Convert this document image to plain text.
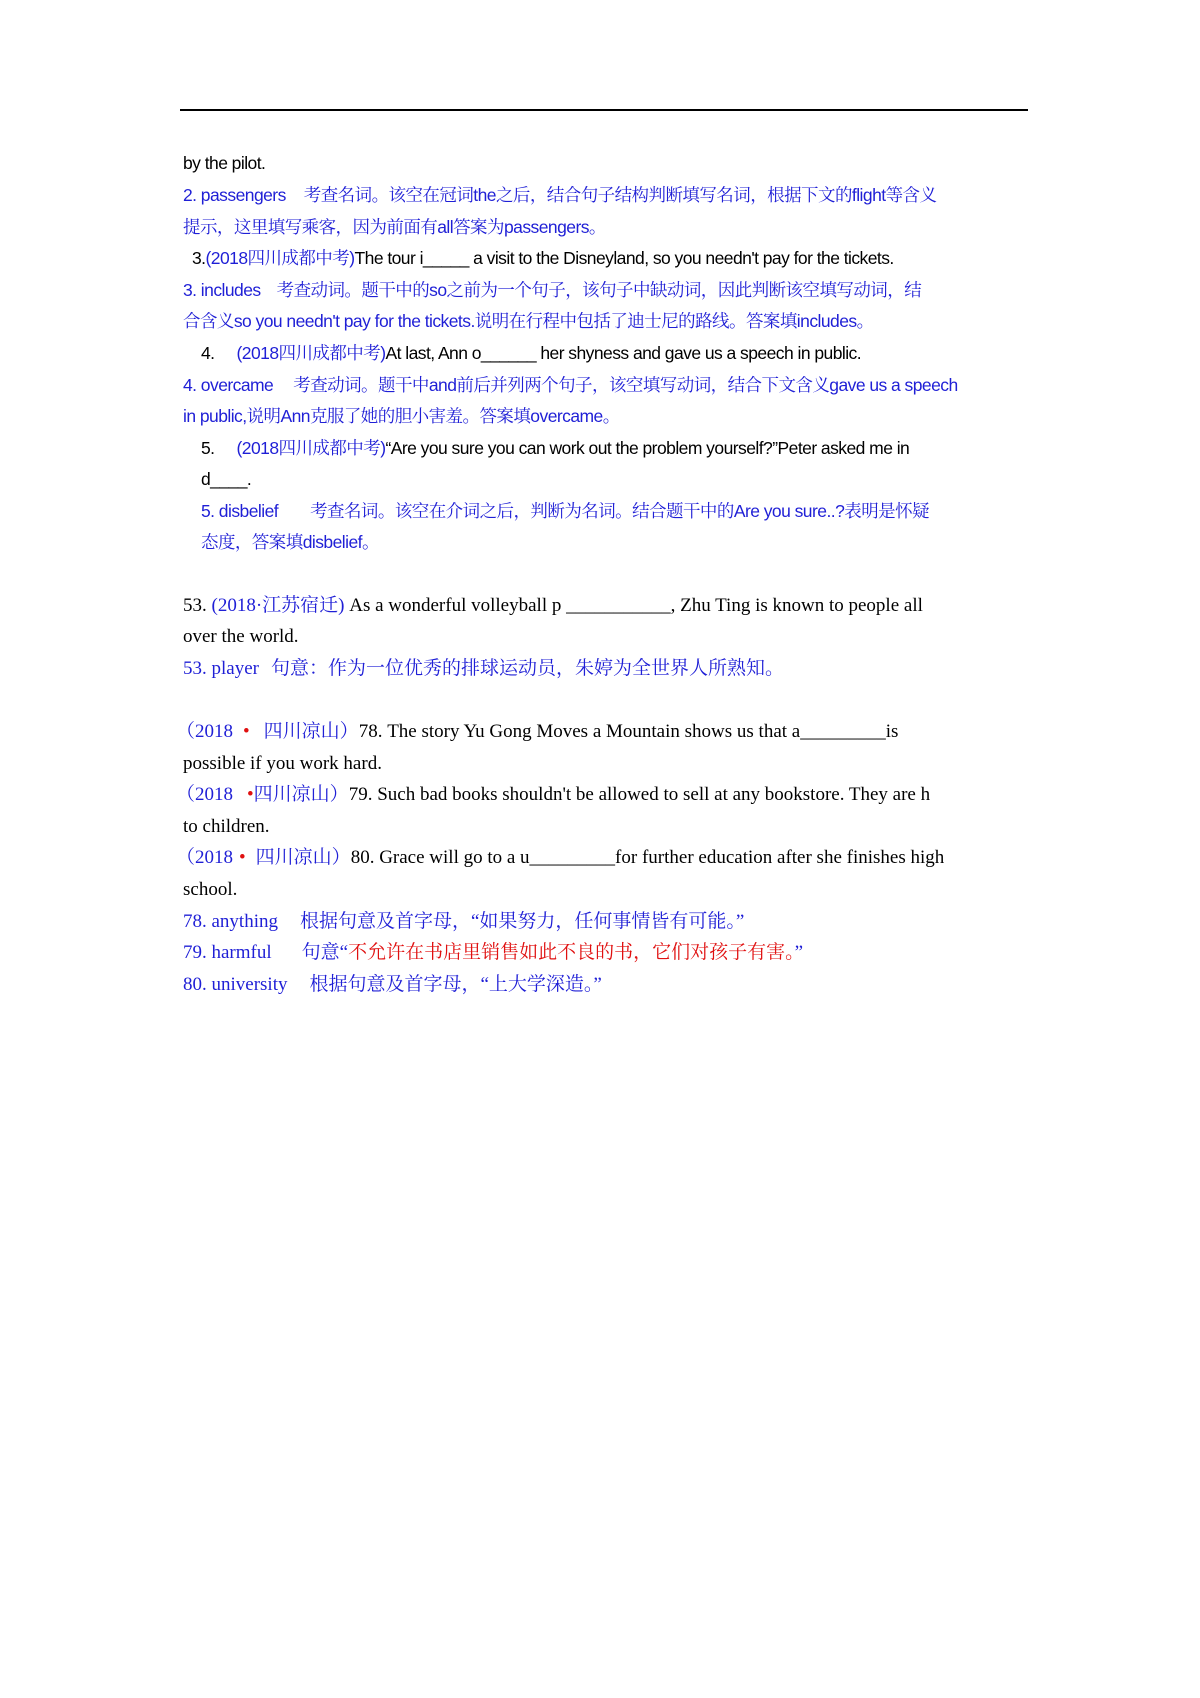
by the pilot.
2. passengers 考查名词。该空在冠词the之后，结合句子结构判断填写名词，根据下文的flight等含义
提示，这里填写乘客，因为前面有all答案为passengers。
3.(2018四川成都中考)The tour i_____ a visit to the Disneyland, so you needn't pay for the tickets.
3. includes 考查动词。题干中的so之前为一个句子，该句子中缺动词，因此判断该空填写动词，结
合含义so you needn't pay for the tickets.说明在行程中包括了迪士尼的路线。答案填includes。
4. (2018四川成都中考)At last, Ann o______ her shyness and gave us a speech in public.
4. overcame 考查动词。题干中and前后并列两个句子，该空填写动词，结合下文含义gave us a speech
in public,说明Ann克服了她的胆小害羞。答案填overcame。
5. (2018四川成都中考)“Are you sure you can work out the problem yourself?”Peter asked me in
d____.
5. disbelief 考查名词。该空在介词之后，判断为名词。结合题干中的Are you sure..?表明是怀疑
态度，答案填disbelief。
53. (2018·江苏宿迁) As a wonderful volleyball p ___________, Zhu Ting is known to people all
over the world.
53. player 句意：作为一位优秀的排球运动员，朱婷为全世界人所熟知。
（2018 • 四川凉山）78. The story Yu Gong Moves a Mountain shows us that a_________is
possible if you work hard.
（2018 •四川凉山）79. Such bad books shouldn't be allowed to sell at any bookstore. They are h
to children.
（2018 • 四川凉山）80. Grace will go to a u_________for further education after she finishes high
school.
78. anything 根据句意及首字母，“如果努力，任何事情皆有可能。”
79. harmful 句意“不允许在书店里销售如此不良的书，它们对孩子有害。”
80. university 根据句意及首字母，“上大学深造。”
